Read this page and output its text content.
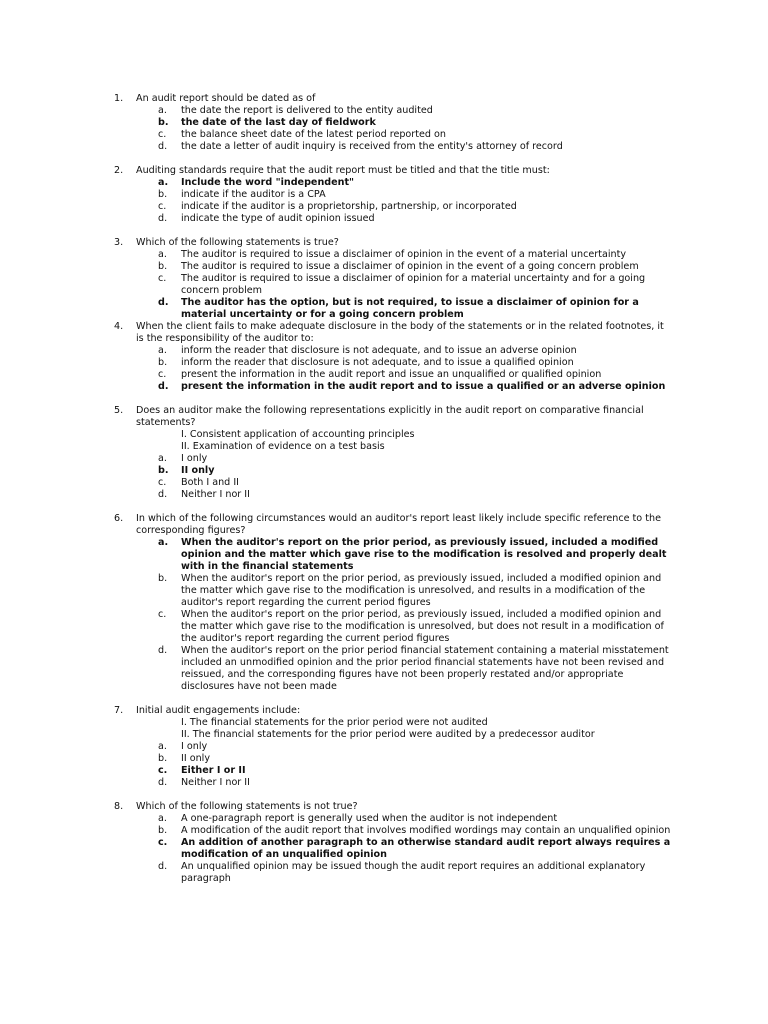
1.	An audit report should be dated as of
a.	the date the report is delivered to the entity audited
b.	the date of the last day of fieldwork
c.	the balance sheet date of the latest period reported on
d.	the date a letter of audit inquiry is received from the entity's attorney of record
2.	Auditing standards require that the audit report must be titled and that the title must:
a.	Include the word "independent"
b.	indicate if the auditor is a CPA
c.	indicate if the auditor is a proprietorship, partnership, or incorporated
d.	indicate the type of audit opinion issued
3.	Which of the following statements is true?
a.	The auditor is required to issue a disclaimer of opinion in the event of a material uncertainty
b.	The auditor is required to issue a disclaimer of opinion in the event of a going concern problem
c.	The auditor is required to issue a disclaimer of opinion for a material uncertainty and for a going concern problem
d.	The auditor has the option, but is not required, to issue a disclaimer of opinion for a material uncertainty or for a going concern problem
4.	When the client fails to make adequate disclosure in the body of the statements or in the related footnotes, it is the responsibility of the auditor to:
a.	inform the reader that disclosure is not adequate, and to issue an adverse opinion
b.	inform the reader that disclosure is not adequate, and to issue a qualified opinion
c.	present the information in the audit report and issue an unqualified or qualified opinion
d.	present the information in the audit report and to issue a qualified or an adverse opinion
5.	Does an auditor make the following representations explicitly in the audit report on comparative financial statements?
I. Consistent application of accounting principles
II. Examination of evidence on a test basis
a.	I only
b.	II only
c.	Both I and II
d.	Neither I nor II
6.	In which of the following circumstances would an auditor's report least likely include specific reference to the corresponding figures?
a.	When the auditor's report on the prior period, as previously issued, included a modified opinion and the matter which gave rise to the modification is resolved and properly dealt with in the financial statements
b.	When the auditor's report on the prior period, as previously issued, included a modified opinion and the matter which gave rise to the modification is unresolved, and results in a modification of the auditor's report regarding the current period figures
c.	When the auditor's report on the prior period, as previously issued, included a modified opinion and the matter which gave rise to the modification is unresolved, but does not result in a modification of the auditor's report regarding the current period figures
d.	When the auditor's report on the prior period financial statement containing a material misstatement included an unmodified opinion and the prior period financial statements have not been revised and reissued, and the corresponding figures have not been properly restated and/or appropriate disclosures have not been made
7.	Initial audit engagements include:
I. The financial statements for the prior period were not audited
II. The financial statements for the prior period were audited by a predecessor auditor
a.	I only
b.	II only
c.	Either I or II
d.	Neither I nor II
8.	Which of the following statements is not true?
a.	A one-paragraph report is generally used when the auditor is not independent
b.	A modification of the audit report that involves modified wordings may contain an unqualified opinion
c.	An addition of another paragraph to an otherwise standard audit report always requires a modification of an unqualified opinion
d.	An unqualified opinion may be issued though the audit report requires an additional explanatory paragraph
